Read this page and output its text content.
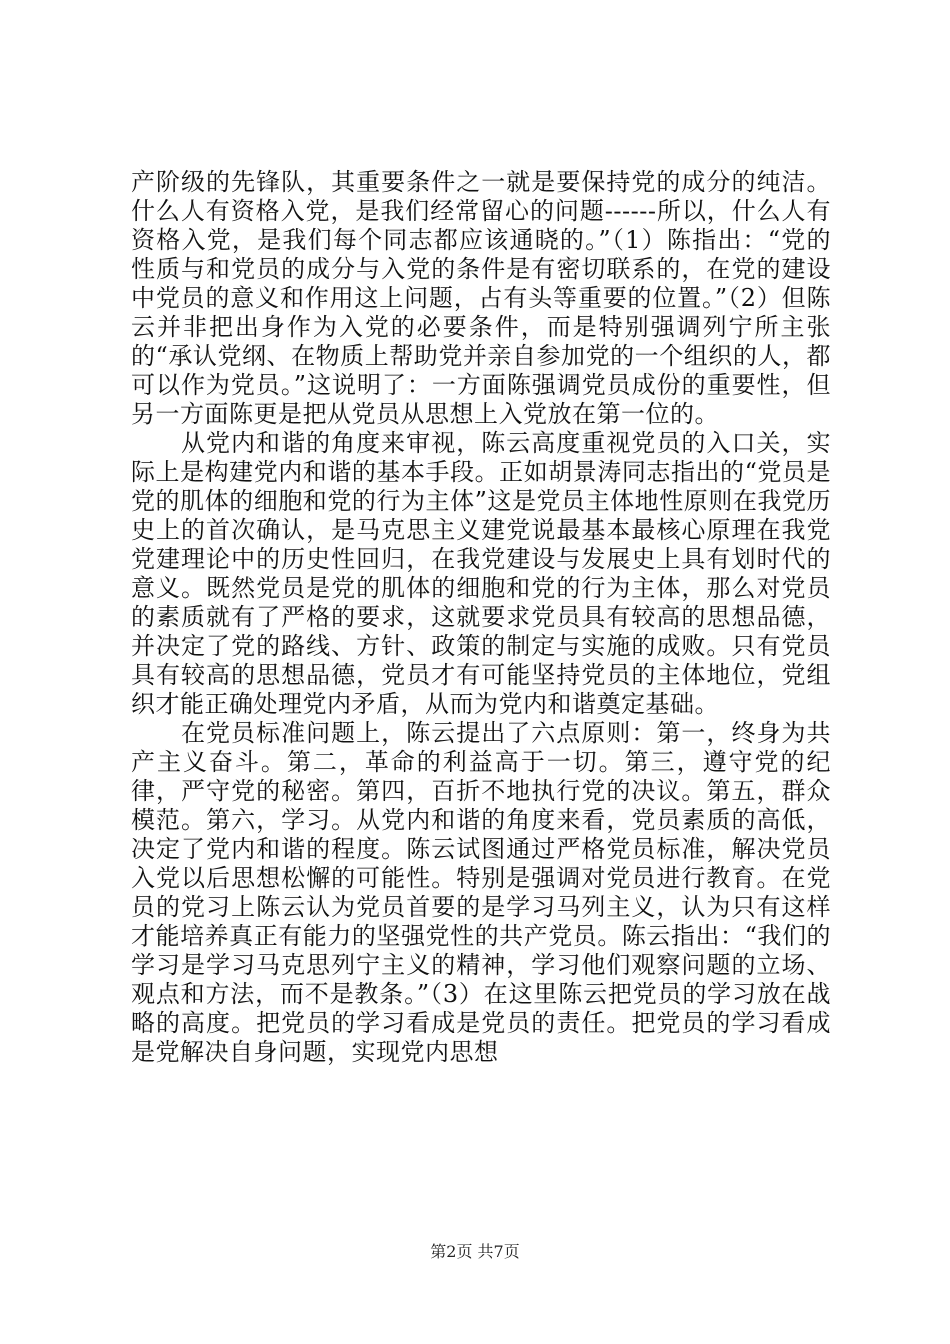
产阶级的先锋队，其重要条件之一就是要保持党的成分的纯洁。什么人有资格入党，是我们经常留心的问题------所以，什么人有资格入党，是我们每个同志都应该通晓的。”（1）陈指出：“党的性质与和党员的成分与入党的条件是有密切联系的，在党的建设中党员的意义和作用这上问题，占有头等重要的位置。”（2）但陈云并非把出身作为入党的必要条件，而是特别强调列宁所主张的“承认党纲、在物质上帮助党并亲自参加党的一个组织的人，都可以作为党员。”这说明了：一方面陈强调党员成份的重要性，但另一方面陈更是把从党员从思想上入党放在第一位的。

从党内和谐的角度来审视，陈云高度重视党员的入口关，实际上是构建党内和谐的基本手段。正如胡景涛同志指出的“党员是党的肌体的细胞和党的行为主体”这是党员主体地性原则在我党历史上的首次确认，是马克思主义建党说最基本最核心原理在我党党建理论中的历史性回归，在我党建设与发展史上具有划时代的意义。既然党员是党的肌体的细胞和党的行为主体，那么对党员的素质就有了严格的要求，这就要求党员具有较高的思想品德，并决定了党的路线、方针、政策的制定与实施的成败。只有党员具有较高的思想品德，党员才有可能坚持党员的主体地位，党组织才能正确处理党内矛盾，从而为党内和谐奠定基础。

在党员标准问题上，陈云提出了六点原则：第一，终身为共产主义奋斗。第二，革命的利益高于一切。第三，遵守党的纪律，严守党的秘密。第四，百折不地执行党的决议。第五，群众模范。第六，学习。从党内和谐的角度来看，党员素质的高低，决定了党内和谐的程度。陈云试图通过严格党员标准，解决党员入党以后思想松懈的可能性。特别是强调对党员进行教育。在党员的党习上陈云认为党员首要的是学习马列主义，认为只有这样才能培养真正有能力的坚强党性的共产党员。陈云指出：“我们的学习是学习马克思列宁主义的精神，学习他们观察问题的立场、观点和方法，而不是教条。”（3）在这里陈云把党员的学习放在战略的高度。把党员的学习看成是党员的责任。把党员的学习看成是党解决自身问题，实现党内思想

第2页 共7页
